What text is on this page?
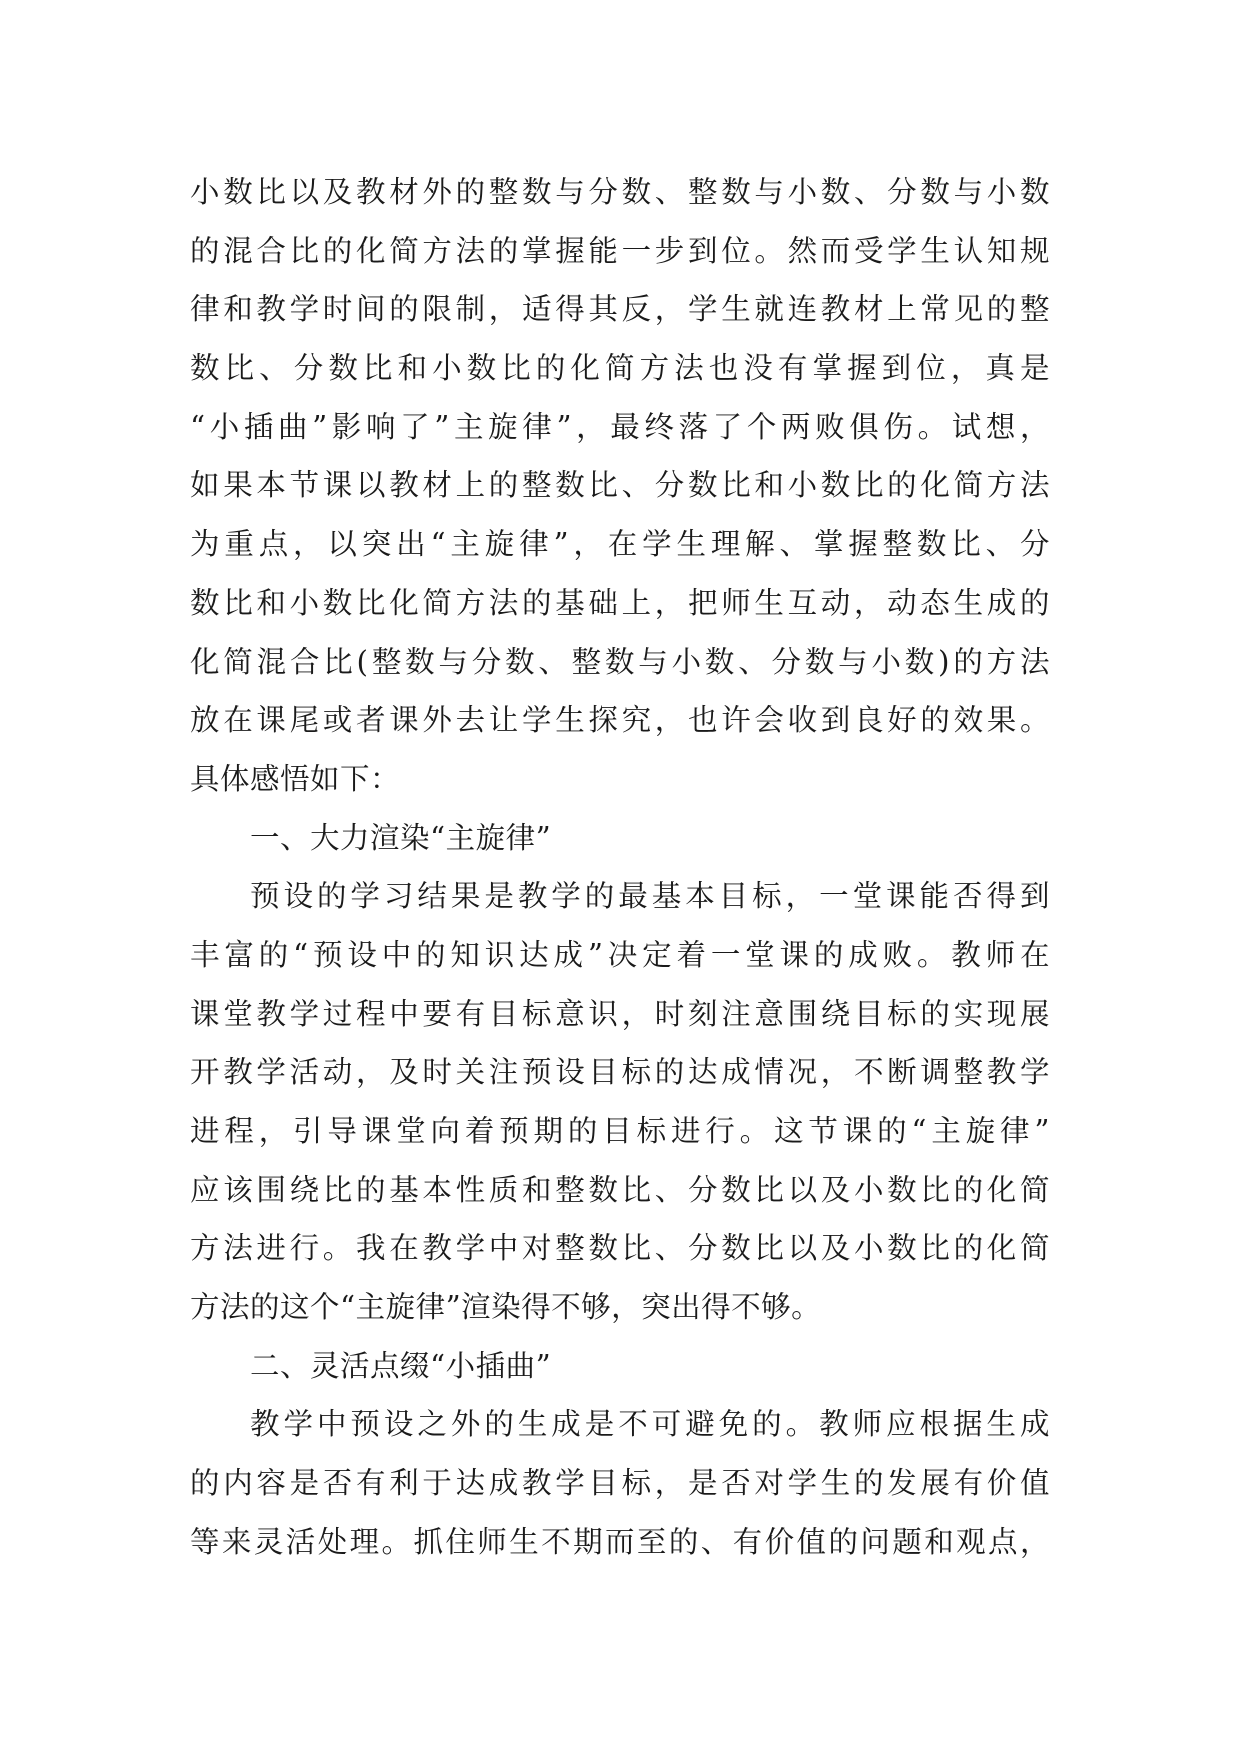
小数比以及教材外的整数与分数、整数与小数、分数与小数
的混合比的化简方法的掌握能一步到位。然而受学生认知规
律和教学时间的限制，适得其反，学生就连教材上常见的整
数比、分数比和小数比的化简方法也没有掌握到位，真是
“小插曲”影响了”主旋律”，最终落了个两败俱伤。试想，
如果本节课以教材上的整数比、分数比和小数比的化简方法
为重点，以突出“主旋律”，在学生理解、掌握整数比、分
数比和小数比化简方法的基础上，把师生互动，动态生成的
化简混合比(整数与分数、整数与小数、分数与小数)的方法
放在课尾或者课外去让学生探究，也许会收到良好的效果。
具体感悟如下：
一、大力渲染“主旋律”
预设的学习结果是教学的最基本目标，一堂课能否得到
丰富的“预设中的知识达成”决定着一堂课的成败。教师在
课堂教学过程中要有目标意识，时刻注意围绕目标的实现展
开教学活动，及时关注预设目标的达成情况，不断调整教学
进程，引导课堂向着预期的目标进行。这节课的“主旋律”
应该围绕比的基本性质和整数比、分数比以及小数比的化简
方法进行。我在教学中对整数比、分数比以及小数比的化简
方法的这个“主旋律”渲染得不够，突出得不够。
二、灵活点缀“小插曲”
教学中预设之外的生成是不可避免的。教师应根据生成
的内容是否有利于达成教学目标，是否对学生的发展有价值
等来灵活处理。抓住师生不期而至的、有价值的问题和观点，
